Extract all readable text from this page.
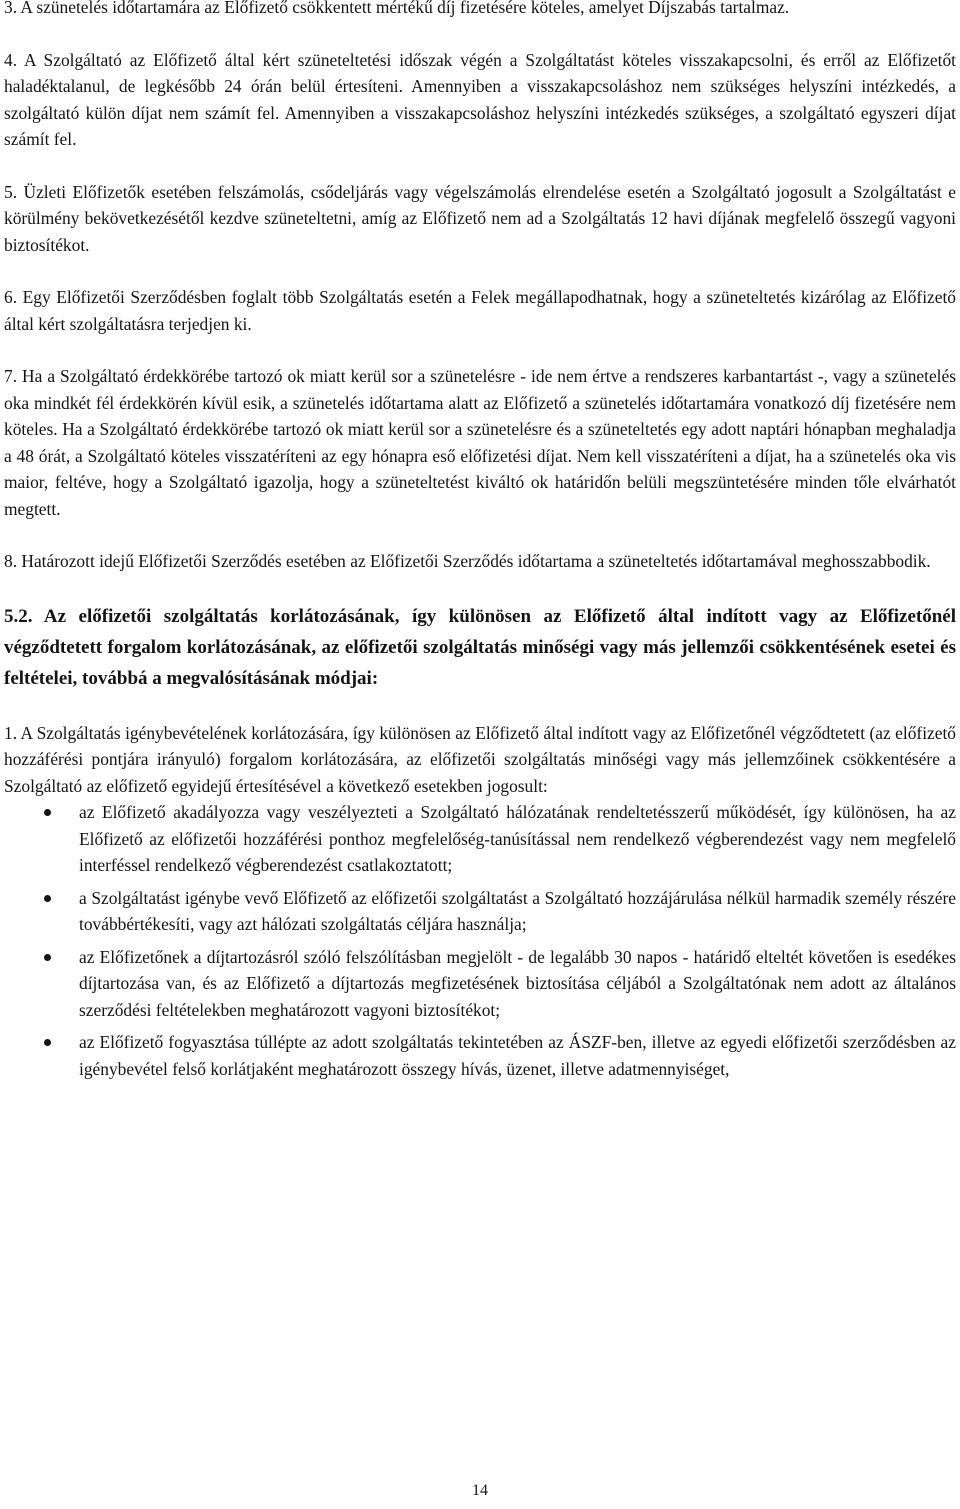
3. A szünetelés időtartamára az Előfizető csökkentett mértékű díj fizetésére köteles, amelyet Díjszabás tartalmaz.

4. A Szolgáltató az Előfizető által kért szüneteltetési időszak végén a Szolgáltatást köteles visszakapcsolni, és erről az Előfizetőt haladéktalanul, de legkésőbb 24 órán belül értesíteni. Amennyiben a visszakapcsoláshoz nem szükséges helyszíni intézkedés, a szolgáltató külön díjat nem számít fel. Amennyiben a visszakapcsoláshoz helyszíni intézkedés szükséges, a szolgáltató egyszeri díjat számít fel.

5. Üzleti Előfizetők esetében felszámolás, csődeljárás vagy végelszámolás elrendelése esetén a Szolgáltató jogosult a Szolgáltatást e körülmény bekövetkezésétől kezdve szüneteltetni, amíg az Előfizető nem ad a Szolgáltatás 12 havi díjának megfelelő összegű vagyoni biztosítékot.

6. Egy Előfizetői Szerződésben foglalt több Szolgáltatás esetén a Felek megállapodhatnak, hogy a szüneteltetés kizárólag az Előfizető által kért szolgáltatásra terjedjen ki.

7. Ha a Szolgáltató érdekkörébe tartozó ok miatt kerül sor a szünetelésre - ide nem értve a rendszeres karbantartást -, vagy a szünetelés oka mindkét fél érdekkörén kívül esik, a szünetelés időtartama alatt az Előfizető a szünetelés időtartamára vonatkozó díj fizetésére nem köteles. Ha a Szolgáltató érdekkörébe tartozó ok miatt kerül sor a szünetelésre és a szüneteltetés egy adott naptári hónapban meghaladja a 48 órát, a Szolgáltató köteles visszatéríteni az egy hónapra eső előfizetési díjat. Nem kell visszatéríteni a díjat, ha a szünetelés oka vis maior, feltéve, hogy a Szolgáltató igazolja, hogy a szüneteltetést kiváltó ok határidőn belüli megszüntetésére minden tőle elvárhatót megtett.

8. Határozott idejű Előfizetői Szerződés esetében az Előfizetői Szerződés időtartama a szüneteltetés időtartamával meghosszabbodik.

5.2. Az előfizetői szolgáltatás korlátozásának, így különösen az Előfizető által indított vagy az Előfizetőnél végződtetett forgalom korlátozásának, az előfizetői szolgáltatás minőségi vagy más jellemzői csökkentésének esetei és feltételei, továbbá a megvalósításának módjai:

1. A Szolgáltatás igénybevételének korlátozására, így különösen az Előfizető által indított vagy az Előfizetőnél végződtetett (az előfizető hozzáférési pontjára irányuló) forgalom korlátozására, az előfizetői szolgáltatás minőségi vagy más jellemzőinek csökkentésére a Szolgáltató az előfizető egyidejű értesítésével a következő esetekben jogosult:

az Előfizető akadályozza vagy veszélyezteti a Szolgáltató hálózatának rendeltetésszerű működését, így különösen, ha az Előfizető az előfizetői hozzáférési ponthoz megfelelőség-tanúsítással nem rendelkező végberendezést vagy nem megfelelő interféssel rendelkező végberendezést csatlakoztatott;
a Szolgáltatást igénybe vevő Előfizető az előfizetői szolgáltatást a Szolgáltató hozzájárulása nélkül harmadik személy részére továbbértékesíti, vagy azt hálózati szolgáltatás céljára használja;
az Előfizetőnek a díjtartozásról szóló felszólításban megjelölt - de legalább 30 napos - határidő elteltét követően is esedékes díjtartozása van, és az Előfizető a díjtartozás megfizetésének biztosítása céljából a Szolgáltatónak nem adott az általános szerződési feltételekben meghatározott vagyoni biztosítékot;
az Előfizető fogyasztása túllépte az adott szolgáltatás tekintetében az ÁSZF-ben, illetve az egyedi előfizetői szerződésben az igénybevétel felső korlátjaként meghatározott összegy hívás, üzenet, illetve adatmennyiséget,
14
